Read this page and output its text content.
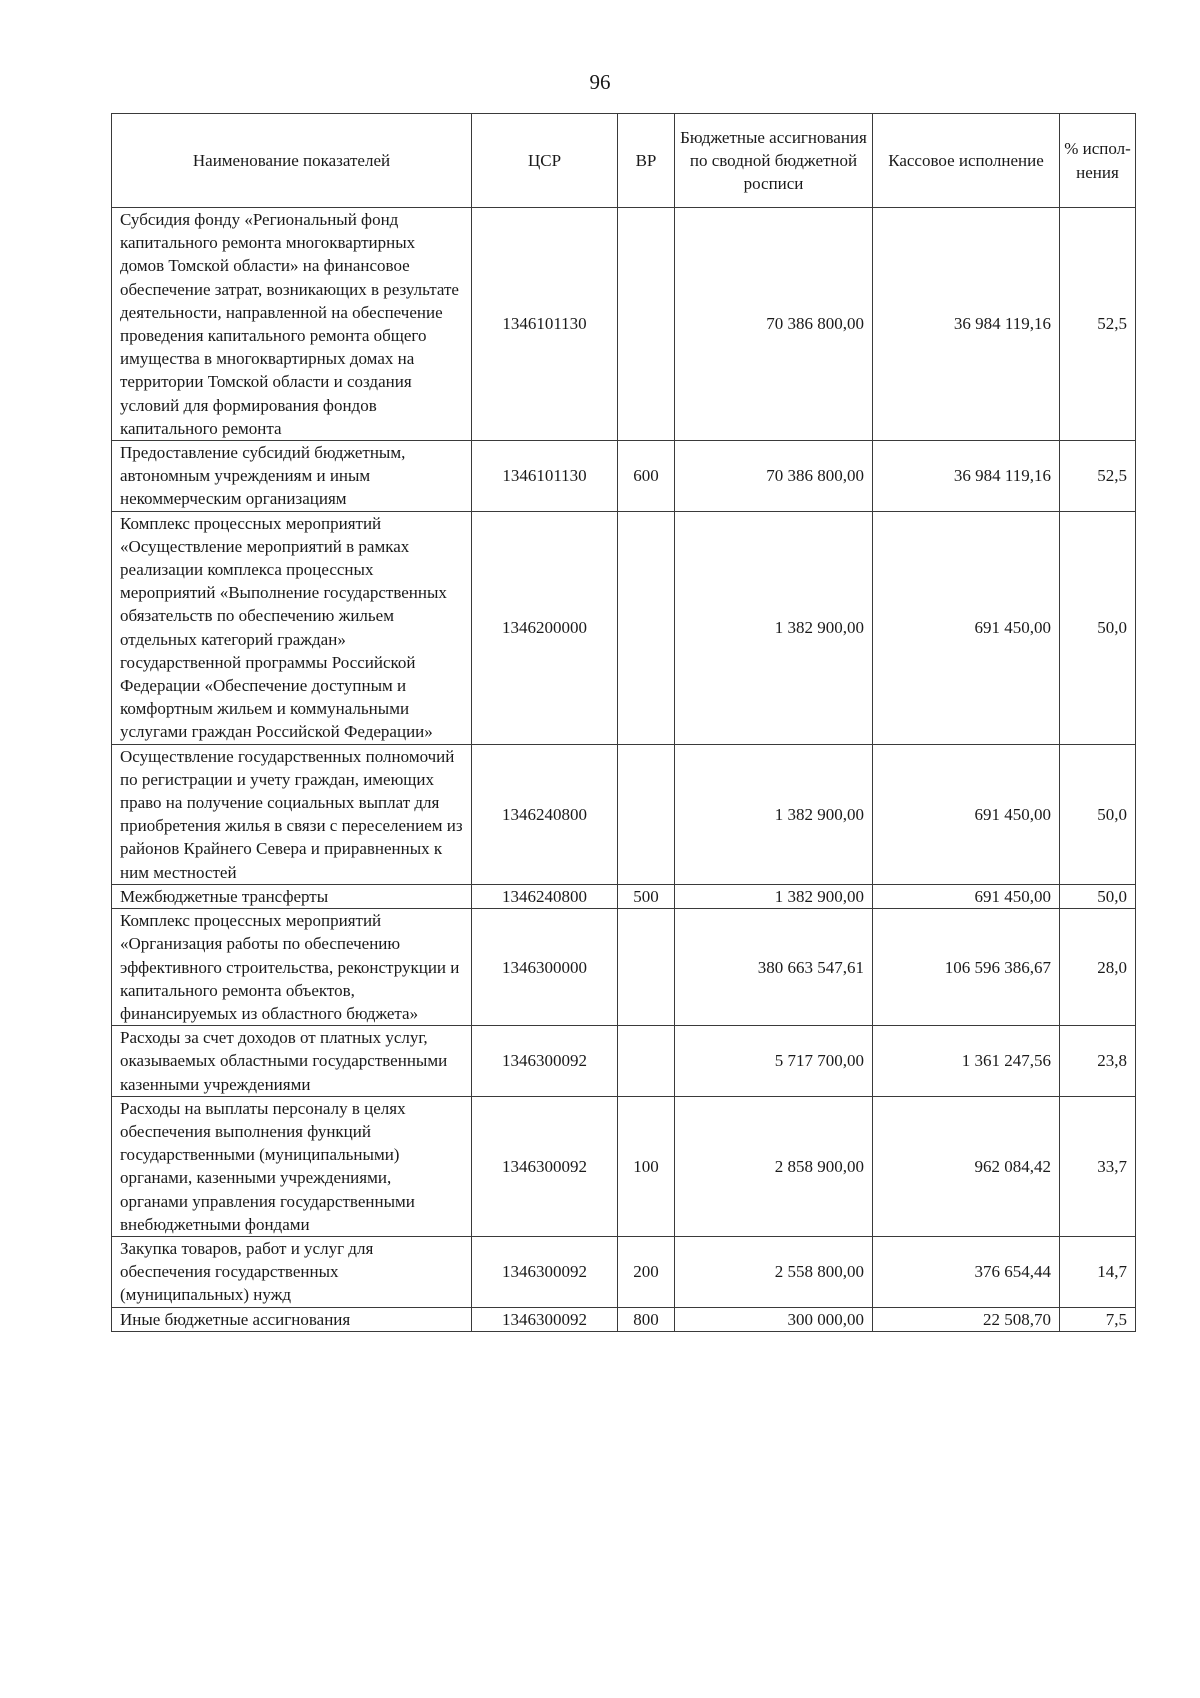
96
Наименование показателей	ЦСР	ВР	Бюджетные ассигнования по сводной бюджетной росписи	Кассовое исполнение	% испол-нения
Субсидия фонду «Региональный фонд капитального ремонта многоквартирных домов Томской области» на финансовое обеспечение затрат, возникающих в результате деятельности, направленной на обеспечение проведения капитального ремонта общего имущества в многоквартирных домах на территории Томской области и создания условий для формирования фондов капитального ремонта	1346101130		70 386 800,00	36 984 119,16	52,5
Предоставление субсидий бюджетным, автономным учреждениям и иным некоммерческим организациям	1346101130	600	70 386 800,00	36 984 119,16	52,5
Комплекс процессных мероприятий «Осуществление мероприятий в рамках реализации комплекса процессных мероприятий «Выполнение государственных обязательств по обеспечению жильем отдельных категорий граждан» государственной программы Российской Федерации «Обеспечение доступным и комфортным жильем и коммунальными услугами граждан Российской Федерации»	1346200000		1 382 900,00	691 450,00	50,0
Осуществление государственных полномочий по регистрации и учету граждан, имеющих право на получение социальных выплат для приобретения жилья в связи с переселением из районов Крайнего Севера и приравненных к ним местностей	1346240800		1 382 900,00	691 450,00	50,0
Межбюджетные трансферты	1346240800	500	1 382 900,00	691 450,00	50,0
Комплекс процессных мероприятий «Организация работы по обеспечению эффективного строительства, реконструкции и капитального ремонта объектов, финансируемых из областного бюджета»	1346300000		380 663 547,61	106 596 386,67	28,0
Расходы за счет доходов от платных услуг, оказываемых областными государственными казенными учреждениями	1346300092		5 717 700,00	1 361 247,56	23,8
Расходы на выплаты персоналу в целях обеспечения выполнения функций государственными (муниципальными) органами, казенными учреждениями, органами управления государственными внебюджетными фондами	1346300092	100	2 858 900,00	962 084,42	33,7
Закупка товаров, работ и услуг для обеспечения государственных (муниципальных) нужд	1346300092	200	2 558 800,00	376 654,44	14,7
Иные бюджетные ассигнования	1346300092	800	300 000,00	22 508,70	7,5
